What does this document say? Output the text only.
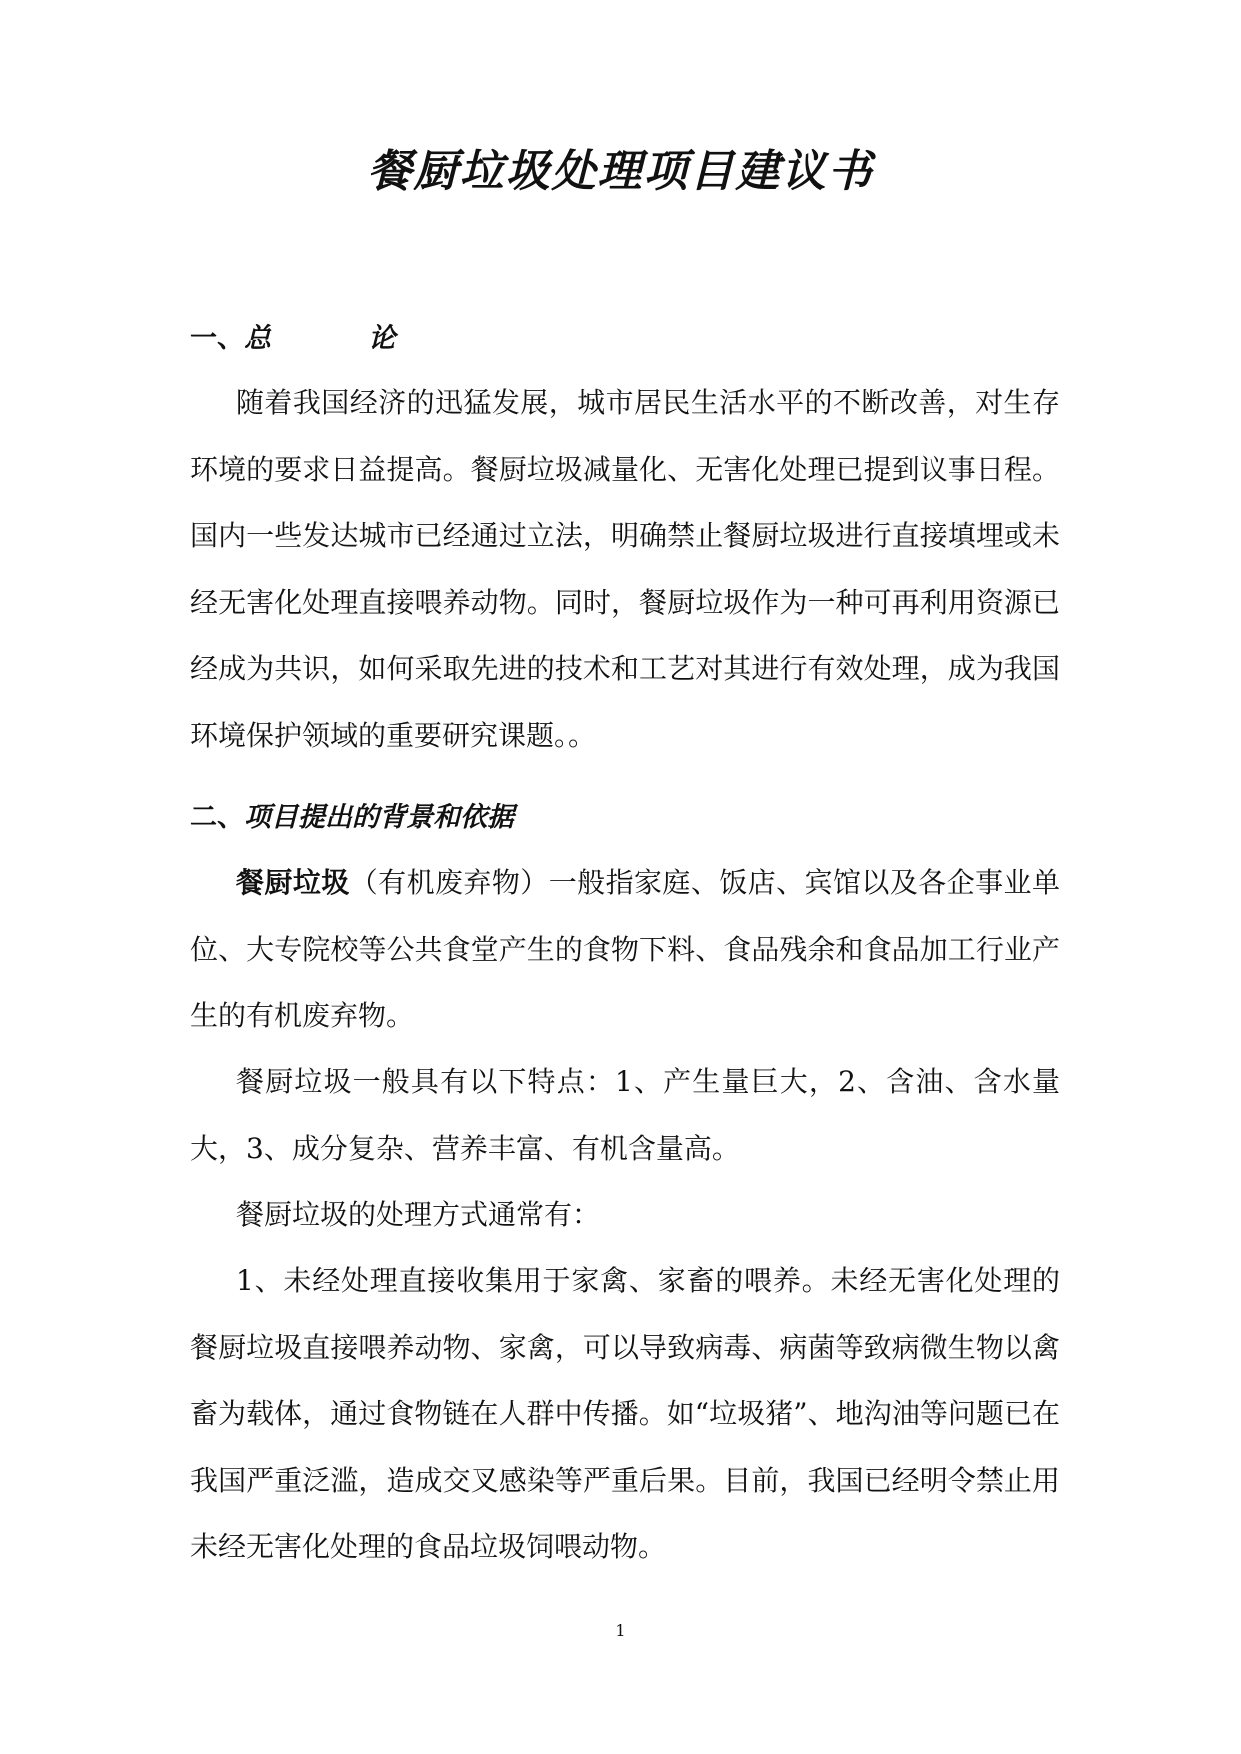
餐厨垃圾处理项目建议书
一、总 论

随着我国经济的迅猛发展，城市居民生活水平的不断改善，对生存环境的要求日益提高。餐厨垃圾减量化、无害化处理已提到议事日程。国内一些发达城市已经通过立法，明确禁止餐厨垃圾进行直接填埋或未经无害化处理直接喂养动物。同时，餐厨垃圾作为一种可再利用资源已经成为共识，如何采取先进的技术和工艺对其进行有效处理，成为我国环境保护领域的重要研究课题。。

二、项目提出的背景和依据

餐厨垃圾（有机废弃物）一般指家庭、饭店、宾馆以及各企事业单位、大专院校等公共食堂产生的食物下料、食品残余和食品加工行业产生的有机废弃物。

餐厨垃圾一般具有以下特点：1、产生量巨大，2、含油、含水量大，3、成分复杂、营养丰富、有机含量高。

餐厨垃圾的处理方式通常有：

1、未经处理直接收集用于家禽、家畜的喂养。未经无害化处理的餐厨垃圾直接喂养动物、家禽，可以导致病毒、病菌等致病微生物以禽畜为载体，通过食物链在人群中传播。如“垃圾猪”、地沟油等问题已在我国严重泛滥，造成交叉感染等严重后果。目前，我国已经明令禁止用未经无害化处理的食品垃圾饲喂动物。

1
